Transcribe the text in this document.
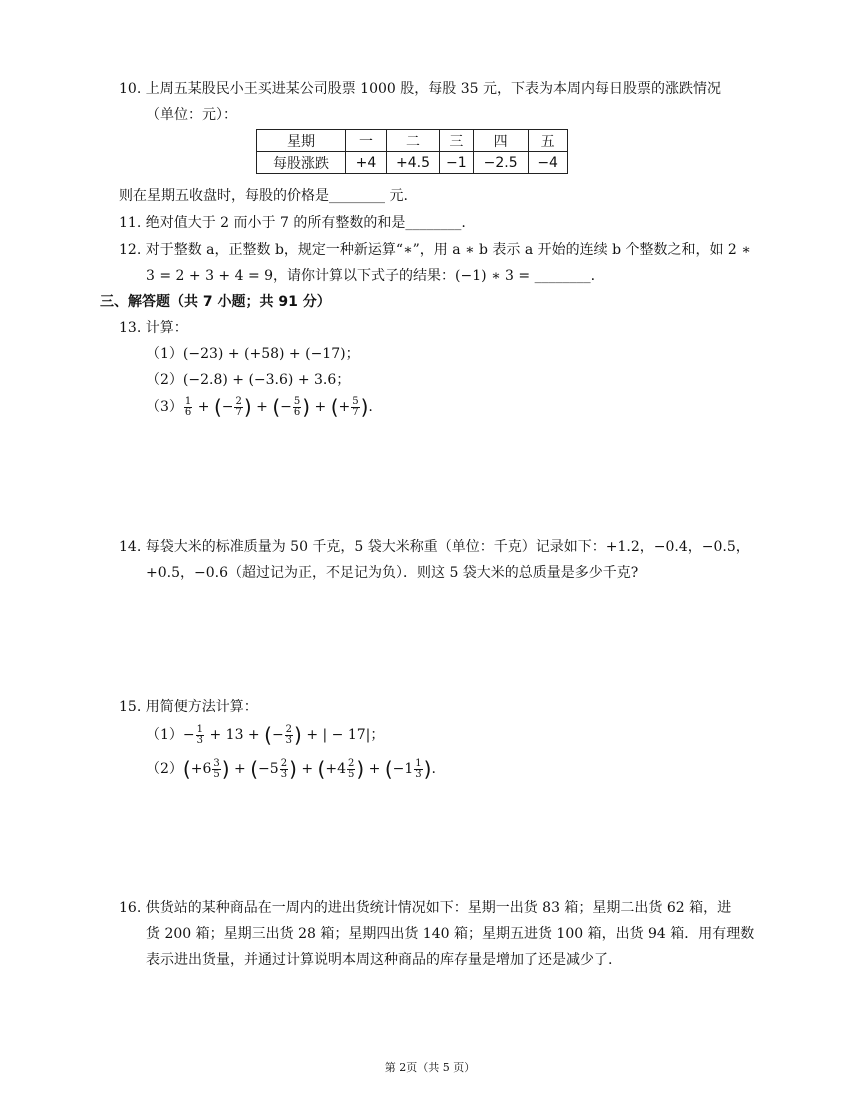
10. 上周五某股民小王买进某公司股票 1000 股，每股 35 元，下表为本周内每日股票的涨跌情况
（单位：元）：
星期	一	二	三	四	五
每股涨跌	+4	+4.5	−1	−2.5	−4
则在星期五收盘时，每股的价格是________ 元.
11. 绝对值大于 2 而小于 7 的所有整数的和是________.
12. 对于整数 a，正整数 b，规定一种新运算“∗”，用 a ∗ b 表示 a 开始的连续 b 个整数之和，如 2 ∗
3 = 2 + 3 + 4 = 9，请你计算以下式子的结果：(−1) ∗ 3 = ________.
三、解答题（共 7 小题；共 91 分）
13. 计算：
（1）(−23) + (+58) + (−17)；
（2）(−2.8) + (−3.6) + 3.6；
$(3) \frac{1}{6}$ + (− $\frac{2}{7}$ ) + (− $\frac{5}{6}$ ) + (+ $\frac{5}{7}$ ).
14. 每袋大米的标准质量为 50 千克，5 袋大米称重（单位：千克）记录如下：+1.2，−0.4，−0.5，
+0.5，−0.6（超过记为正，不足记为负）．则这 5 袋大米的总质量是多少千克?
15. 用简便方法计算：
$(1)- \frac{1}{3} + 13$ + (− $\frac{2}{3}$ ) + | − 17|；
$(2)(+6 \frac{3}{5}$ ) + ($-5 \frac{2}{3}$ ) + ($+4 \frac{2}{5}$ ) + ($-1 \frac{1}{3}$ ).
16. 供货站的某种商品在一周内的进出货统计情况如下：星期一出货 83 箱；星期二出货 62 箱，进
货 200 箱；星期三出货 28 箱；星期四出货 140 箱；星期五进货 100 箱，出货 94 箱．用有理数
表示进出货量，并通过计算说明本周这种商品的库存量是增加了还是减少了.
第 2页（共 5 页）
